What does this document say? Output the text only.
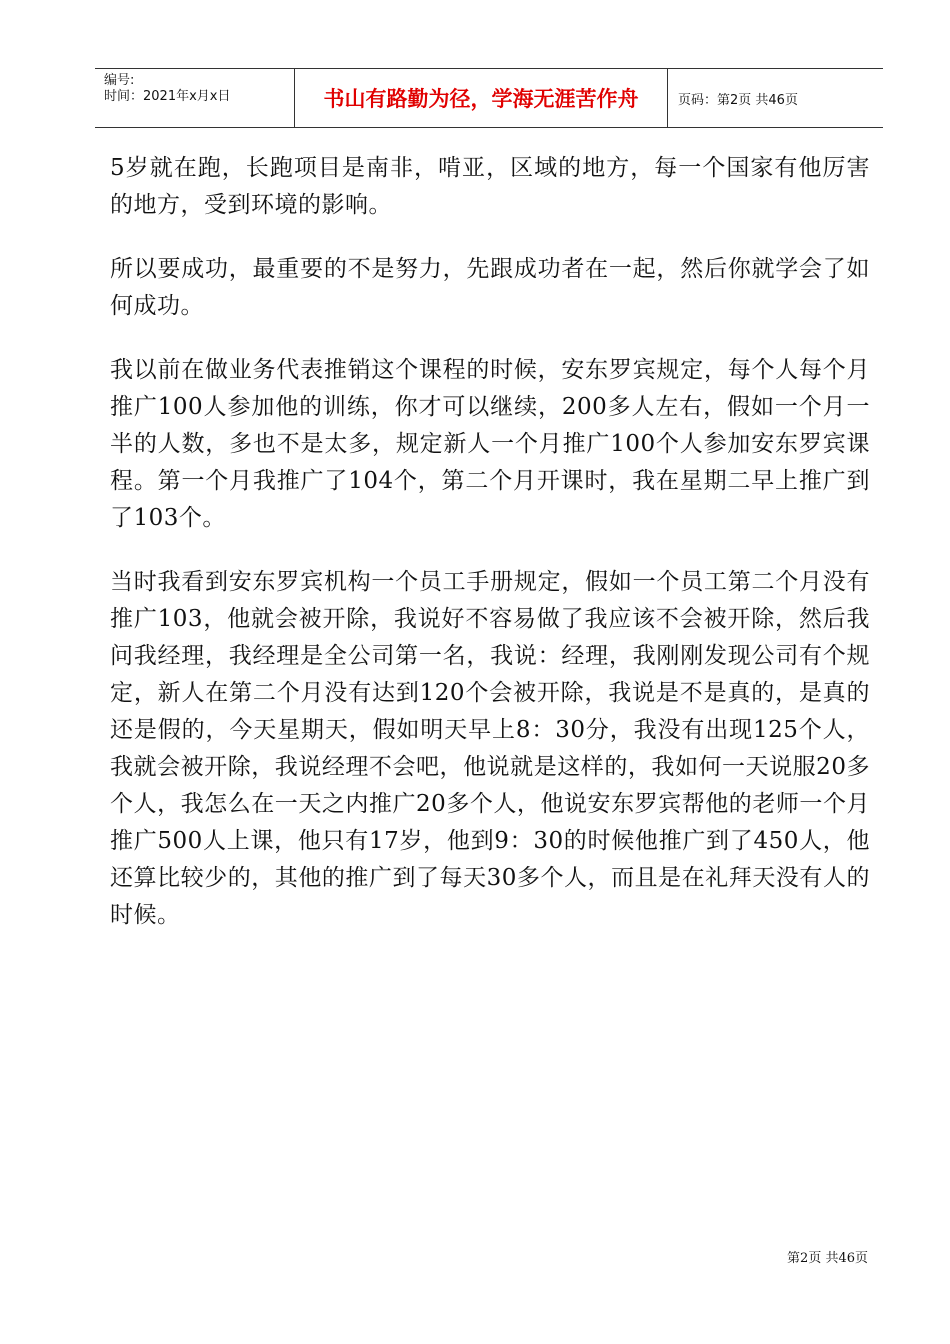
编号:
时间：2021年x月x日	书山有路勤为径，学海无涯苦作舟	页码：第2页 共46页

5岁就在跑，长跑项目是南非，啃亚，区域的地方，每一个国家有他厉害的地方，受到环境的影响。

所以要成功，最重要的不是努力，先跟成功者在一起，然后你就学会了如何成功。

我以前在做业务代表推销这个课程的时候，安东罗宾规定，每个人每个月推广100人参加他的训练，你才可以继续，200多人左右，假如一个月一半的人数，多也不是太多，规定新人一个月推广100个人参加安东罗宾课程。第一个月我推广了104个，第二个月开课时，我在星期二早上推广到了103个。

当时我看到安东罗宾机构一个员工手册规定，假如一个员工第二个月没有推广103，他就会被开除，我说好不容易做了我应该不会被开除，然后我问我经理，我经理是全公司第一名，我说：经理，我刚刚发现公司有个规定，新人在第二个月没有达到120个会被开除，我说是不是真的，是真的还是假的，今天星期天，假如明天早上8：30分，我没有出现125个人，我就会被开除，我说经理不会吧，他说就是这样的，我如何一天说服20多个人，我怎么在一天之内推广20多个人，他说安东罗宾帮他的老师一个月推广500人上课，他只有17岁，他到9：30的时候他推广到了450人，他还算比较少的，其他的推广到了每天30多个人，而且是在礼拜天没有人的时候。

第2页 共46页
